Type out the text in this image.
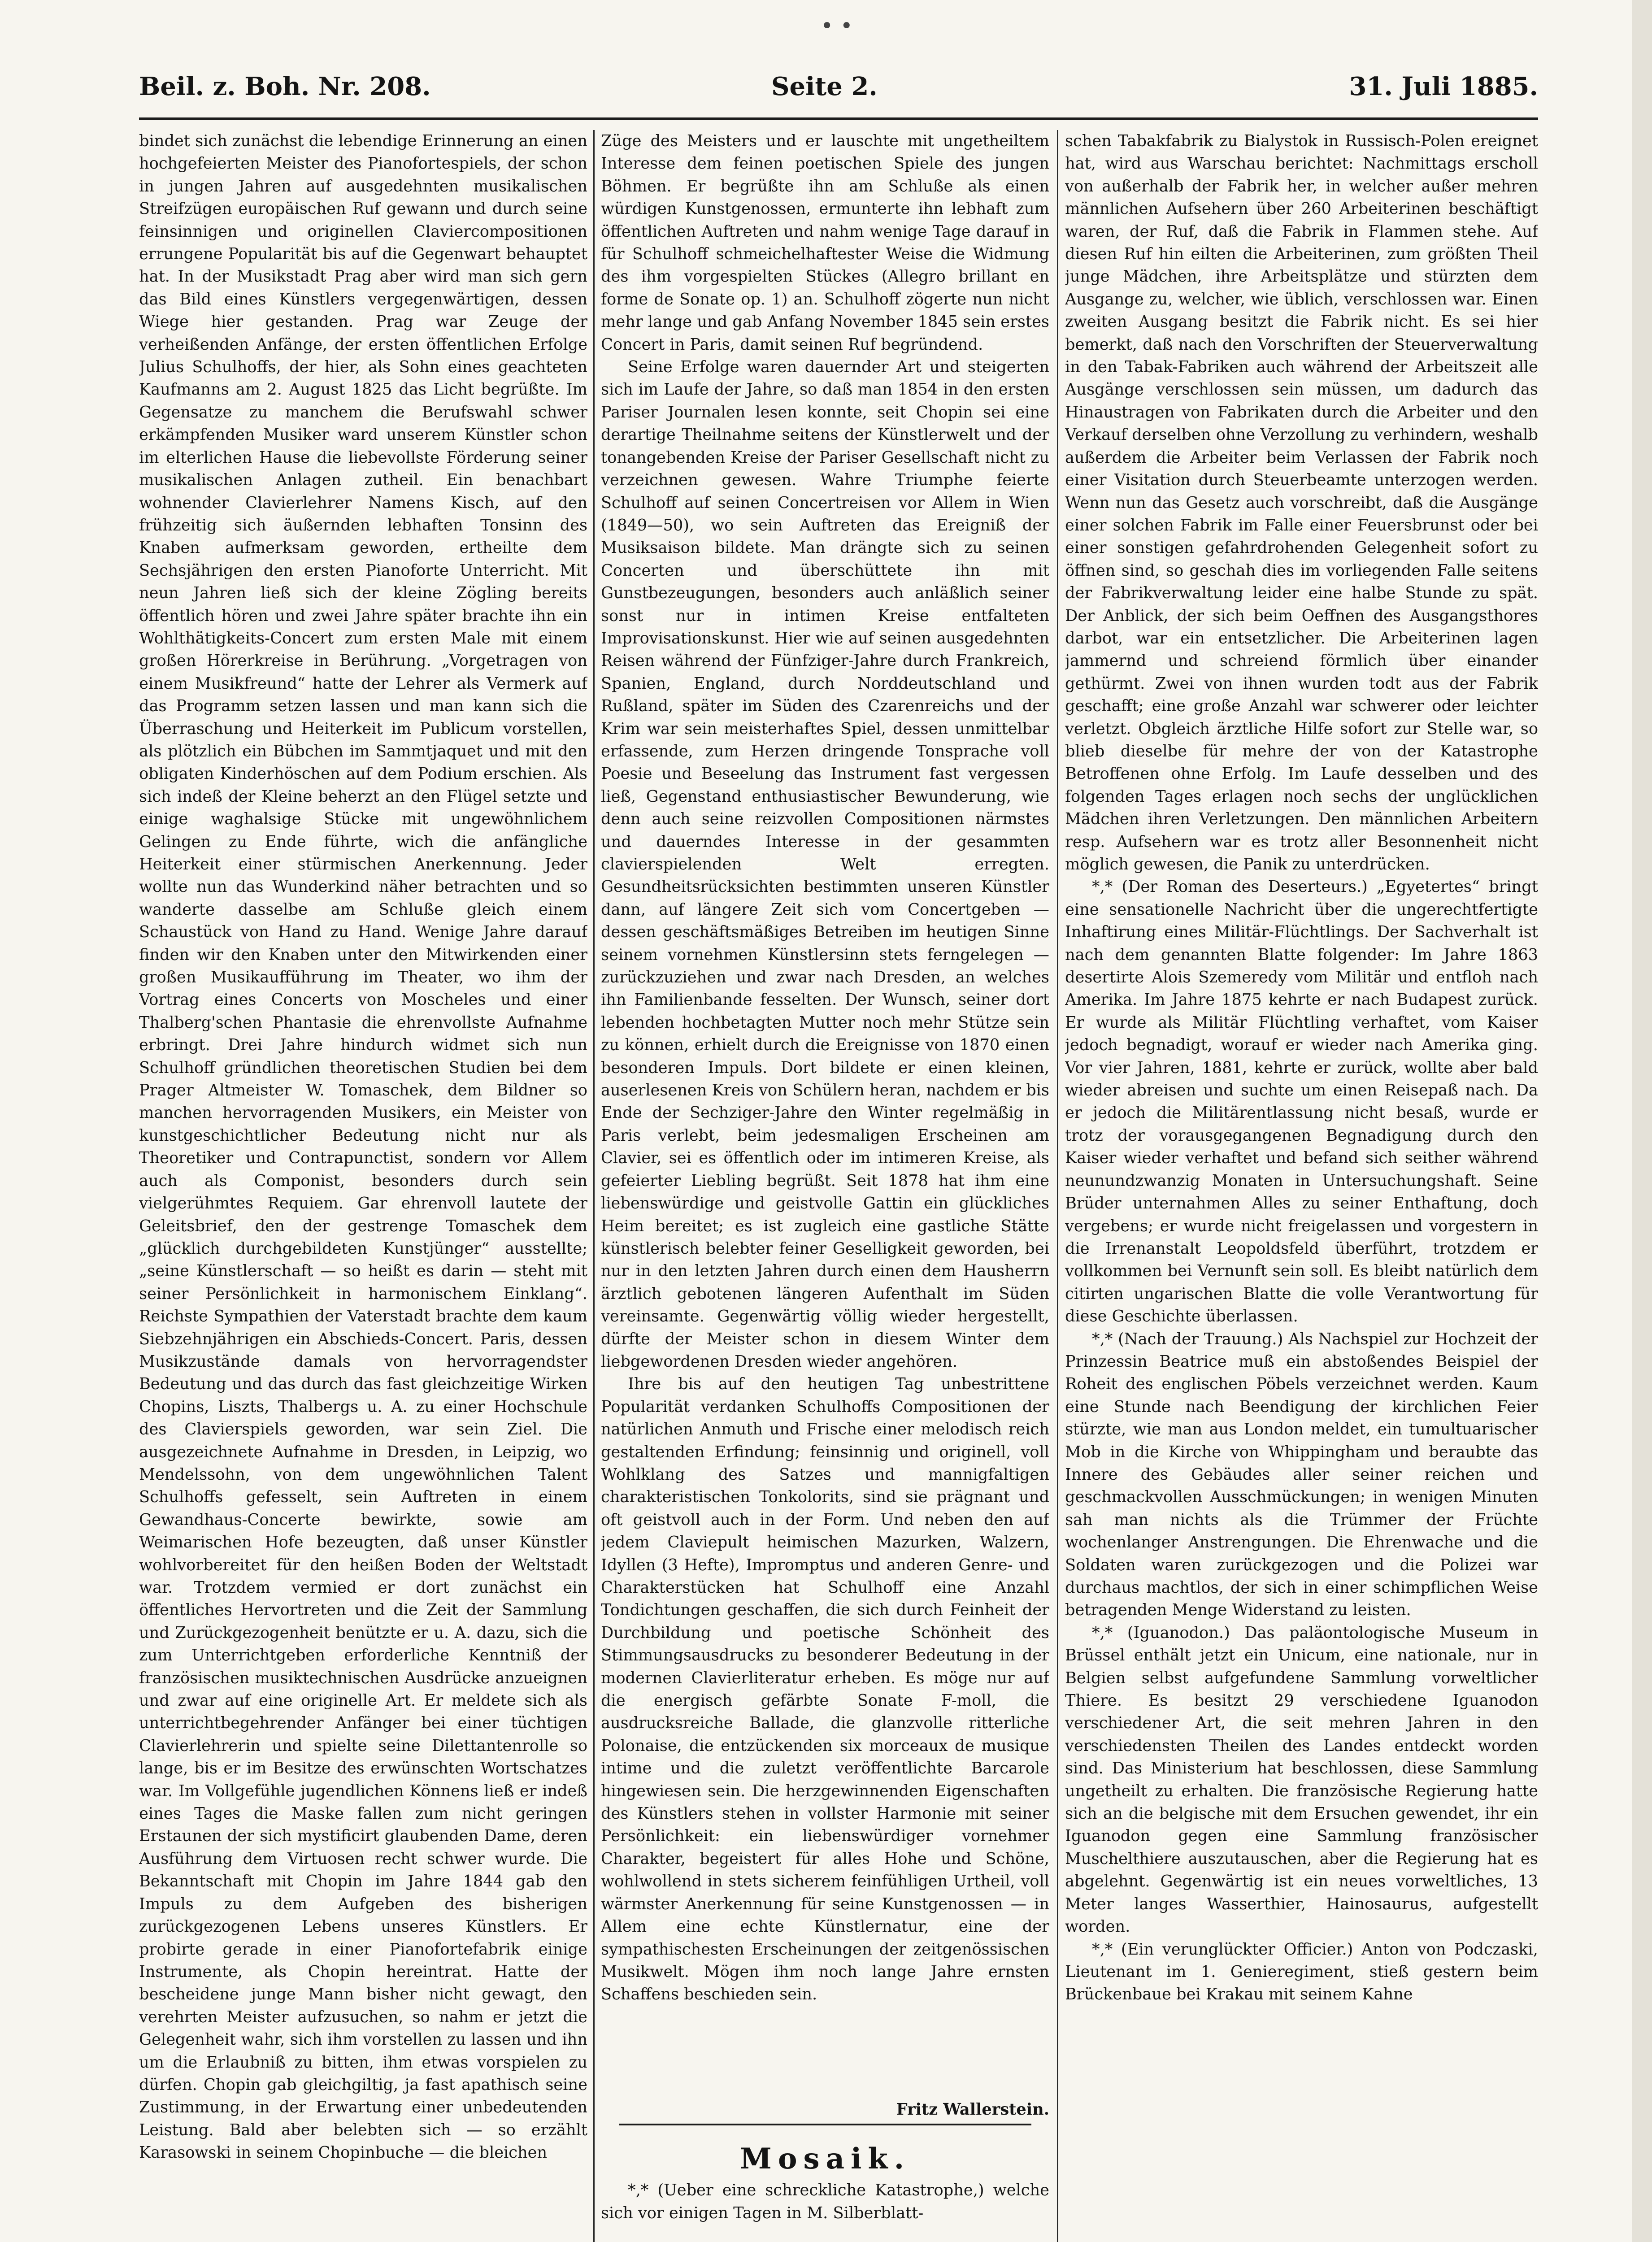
• •
Beil. z. Boh. Nr. 208.	Seite 2.	31. Juli 1885.

bindet sich zunächst die lebendige Erinnerung an einen hochgefeierten Meister des Pianofortespiels, der schon in jungen Jahren auf ausgedehnten musikalischen Streifzügen europäischen Ruf gewann und durch seine feinsinnigen und originellen Claviercompositionen errungene Popularität bis auf die Gegenwart behauptet hat. In der Musikstadt Prag aber wird man sich gern das Bild eines Künstlers vergegenwärtigen, dessen Wiege hier gestanden. Prag war Zeuge der verheißenden Anfänge, der ersten öffentlichen Erfolge Julius Schulhoffs, der hier, als Sohn eines geachteten Kaufmanns am 2. August 1825 das Licht begrüßte. Im Gegensatze zu manchem die Berufswahl schwer erkämpfenden Musiker ward unserem Künstler schon im elterlichen Hause die liebevollste Förderung seiner musikalischen Anlagen zutheil. Ein benachbart wohnender Clavierlehrer Namens Kisch, auf den frühzeitig sich äußernden lebhaften Tonsinn des Knaben aufmerksam geworden, ertheilte dem Sechsjährigen den ersten Pianoforte Unterricht. Mit neun Jahren ließ sich der kleine Zögling bereits öffentlich hören und zwei Jahre später brachte ihn ein Wohlthätigkeits-Concert zum ersten Male mit einem großen Hörerkreise in Berührung. „Vorgetragen von einem Musikfreund“ hatte der Lehrer als Vermerk auf das Programm setzen lassen und man kann sich die Überraschung und Heiterkeit im Publicum vorstellen, als plötzlich ein Bübchen im Sammtjaquet und mit den obligaten Kinderhöschen auf dem Podium erschien. Als sich indeß der Kleine beherzt an den Flügel setzte und einige waghalsige Stücke mit ungewöhnlichem Gelingen zu Ende führte, wich die anfängliche Heiterkeit einer stürmischen Anerkennung. Jeder wollte nun das Wunderkind näher betrachten und so wanderte dasselbe am Schluße gleich einem Schaustück von Hand zu Hand. Wenige Jahre darauf finden wir den Knaben unter den Mitwirkenden einer großen Musikaufführung im Theater, wo ihm der Vortrag eines Concerts von Moscheles und einer Thalberg'schen Phantasie die ehrenvollste Aufnahme erbringt. Drei Jahre hindurch widmet sich nun Schulhoff gründlichen theoretischen Studien bei dem Prager Altmeister W. Tomaschek, dem Bildner so manchen hervorragenden Musikers, ein Meister von kunstgeschichtlicher Bedeutung nicht nur als Theoretiker und Contrapunctist, sondern vor Allem auch als Componist, besonders durch sein vielgerühmtes Requiem. Gar ehrenvoll lautete der Geleitsbrief, den der gestrenge Tomaschek dem „glücklich durchgebildeten Kunstjünger“ ausstellte; „seine Künstlerschaft — so heißt es darin — steht mit seiner Persönlichkeit in harmonischem Einklang“. Reichste Sympathien der Vaterstadt brachte dem kaum Siebzehnjährigen ein Abschieds-Concert. Paris, dessen Musikzustände damals von hervorragendster Bedeutung und das durch das fast gleichzeitige Wirken Chopins, Liszts, Thalbergs u. A. zu einer Hochschule des Clavierspiels geworden, war sein Ziel. Die ausgezeichnete Aufnahme in Dresden, in Leipzig, wo Mendelssohn, von dem ungewöhnlichen Talent Schulhoffs gefesselt, sein Auftreten in einem Gewandhaus-Concerte bewirkte, sowie am Weimarischen Hofe bezeugten, daß unser Künstler wohlvorbereitet für den heißen Boden der Weltstadt war. Trotzdem vermied er dort zunächst ein öffentliches Hervortreten und die Zeit der Sammlung und Zurückgezogenheit benützte er u. A. dazu, sich die zum Unterrichtgeben erforderliche Kenntniß der französischen musiktechnischen Ausdrücke anzueignen und zwar auf eine originelle Art. Er meldete sich als unterrichtbegehrender Anfänger bei einer tüchtigen Clavierlehrerin und spielte seine Dilettantenrolle so lange, bis er im Besitze des erwünschten Wortschatzes war. Im Vollgefühle jugendlichen Könnens ließ er indeß eines Tages die Maske fallen zum nicht geringen Erstaunen der sich mystificirt glaubenden Dame, deren Ausführung dem Virtuosen recht schwer wurde. Die Bekanntschaft mit Chopin im Jahre 1844 gab den Impuls zu dem Aufgeben des bisherigen zurückgezogenen Lebens unseres Künstlers. Er probirte gerade in einer Pianofortefabrik einige Instrumente, als Chopin hereintrat. Hatte der bescheidene junge Mann bisher nicht gewagt, den verehrten Meister aufzusuchen, so nahm er jetzt die Gelegenheit wahr, sich ihm vorstellen zu lassen und ihn um die Erlaubniß zu bitten, ihm etwas vorspielen zu dürfen. Chopin gab gleichgiltig, ja fast apathisch seine Zustimmung, in der Erwartung einer unbedeutenden Leistung. Bald aber belebten sich — so erzählt Karasowski in seinem Chopinbuche — die bleichen

Züge des Meisters und er lauschte mit ungetheiltem Interesse dem feinen poetischen Spiele des jungen Böhmen. Er begrüßte ihn am Schluße als einen würdigen Kunstgenossen, ermunterte ihn lebhaft zum öffentlichen Auftreten und nahm wenige Tage darauf in für Schulhoff schmeichelhaftester Weise die Widmung des ihm vorgespielten Stückes (Allegro brillant en forme de Sonate op. 1) an. Schulhoff zögerte nun nicht mehr lange und gab Anfang November 1845 sein erstes Concert in Paris, damit seinen Ruf begründend.

Seine Erfolge waren dauernder Art und steigerten sich im Laufe der Jahre, so daß man 1854 in den ersten Pariser Journalen lesen konnte, seit Chopin sei eine derartige Theilnahme seitens der Künstlerwelt und der tonangebenden Kreise der Pariser Gesellschaft nicht zu verzeichnen gewesen. Wahre Triumphe feierte Schulhoff auf seinen Concertreisen vor Allem in Wien (1849—50), wo sein Auftreten das Ereigniß der Musiksaison bildete. Man drängte sich zu seinen Concerten und überschüttete ihn mit Gunstbezeugungen, besonders auch anläßlich seiner sonst nur in intimen Kreise entfalteten Improvisationskunst. Hier wie auf seinen ausgedehnten Reisen während der Fünfziger-Jahre durch Frankreich, Spanien, England, durch Norddeutschland und Rußland, später im Süden des Czarenreichs und der Krim war sein meisterhaftes Spiel, dessen unmittelbar erfassende, zum Herzen dringende Tonsprache voll Poesie und Beseelung das Instrument fast vergessen ließ, Gegenstand enthusiastischer Bewunderung, wie denn auch seine reizvollen Compositionen närmstes und dauerndes Interesse in der gesammten clavierspielenden Welt erregten. Gesundheitsrücksichten bestimmten unseren Künstler dann, auf längere Zeit sich vom Concertgeben — dessen geschäftsmäßiges Betreiben im heutigen Sinne seinem vornehmen Künstlersinn stets ferngelegen — zurückzuziehen und zwar nach Dresden, an welches ihn Familienbande fesselten. Der Wunsch, seiner dort lebenden hochbetagten Mutter noch mehr Stütze sein zu können, erhielt durch die Ereignisse von 1870 einen besonderen Impuls. Dort bildete er einen kleinen, auserlesenen Kreis von Schülern heran, nachdem er bis Ende der Sechziger-Jahre den Winter regelmäßig in Paris verlebt, beim jedesmaligen Erscheinen am Clavier, sei es öffentlich oder im intimeren Kreise, als gefeierter Liebling begrüßt. Seit 1878 hat ihm eine liebenswürdige und geistvolle Gattin ein glückliches Heim bereitet; es ist zugleich eine gastliche Stätte künstlerisch belebter feiner Geselligkeit geworden, bei nur in den letzten Jahren durch einen dem Hausherrn ärztlich gebotenen längeren Aufenthalt im Süden vereinsamte. Gegenwärtig völlig wieder hergestellt, dürfte der Meister schon in diesem Winter dem liebgewordenen Dresden wieder angehören.

Ihre bis auf den heutigen Tag unbestrittene Popularität verdanken Schulhoffs Compositionen der natürlichen Anmuth und Frische einer melodisch reich gestaltenden Erfindung; feinsinnig und originell, voll Wohlklang des Satzes und mannigfaltigen charakteristischen Tonkolorits, sind sie prägnant und oft geistvoll auch in der Form. Und neben den auf jedem Claviepult heimischen Mazurken, Walzern, Idyllen (3 Hefte), Impromptus und anderen Genre- und Charakterstücken hat Schulhoff eine Anzahl Tondichtungen geschaffen, die sich durch Feinheit der Durchbildung und poetische Schönheit des Stimmungsausdrucks zu besonderer Bedeutung in der modernen Clavierliteratur erheben. Es möge nur auf die energisch gefärbte Sonate F-moll, die ausdrucksreiche Ballade, die glanzvolle ritterliche Polonaise, die entzückenden six morceaux de musique intime und die zuletzt veröffentlichte Barcarole hingewiesen sein. Die herzgewinnenden Eigenschaften des Künstlers stehen in vollster Harmonie mit seiner Persönlichkeit: ein liebenswürdiger vornehmer Charakter, begeistert für alles Hohe und Schöne, wohlwollend in stets sicherem feinfühligen Urtheil, voll wärmster Anerkennung für seine Kunstgenossen — in Allem eine echte Künstlernatur, eine der sympathischesten Erscheinungen der zeitgenössischen Musikwelt. Mögen ihm noch lange Jahre ernsten Schaffens beschieden sein.

Fritz Wallerstein.
Mosaik.

*,* (Ueber eine schreckliche Katastrophe,) welche sich vor einigen Tagen in M. Silberblatt-

schen Tabakfabrik zu Bialystok in Russisch-Polen ereignet hat, wird aus Warschau berichtet: Nachmittags erscholl von außerhalb der Fabrik her, in welcher außer mehren männlichen Aufsehern über 260 Arbeiterinen beschäftigt waren, der Ruf, daß die Fabrik in Flammen stehe. Auf diesen Ruf hin eilten die Arbeiterinen, zum größten Theil junge Mädchen, ihre Arbeitsplätze und stürzten dem Ausgange zu, welcher, wie üblich, verschlossen war. Einen zweiten Ausgang besitzt die Fabrik nicht. Es sei hier bemerkt, daß nach den Vorschriften der Steuerverwaltung in den Tabak-Fabriken auch während der Arbeitszeit alle Ausgänge verschlossen sein müssen, um dadurch das Hinaustragen von Fabrikaten durch die Arbeiter und den Verkauf derselben ohne Verzollung zu verhindern, weshalb außerdem die Arbeiter beim Verlassen der Fabrik noch einer Visitation durch Steuerbeamte unterzogen werden. Wenn nun das Gesetz auch vorschreibt, daß die Ausgänge einer solchen Fabrik im Falle einer Feuersbrunst oder bei einer sonstigen gefahrdrohenden Gelegenheit sofort zu öffnen sind, so geschah dies im vorliegenden Falle seitens der Fabrikverwaltung leider eine halbe Stunde zu spät. Der Anblick, der sich beim Oeffnen des Ausgangsthores darbot, war ein entsetzlicher. Die Arbeiterinen lagen jammernd und schreiend förmlich über einander gethürmt. Zwei von ihnen wurden todt aus der Fabrik geschafft; eine große Anzahl war schwerer oder leichter verletzt. Obgleich ärztliche Hilfe sofort zur Stelle war, so blieb dieselbe für mehre der von der Katastrophe Betroffenen ohne Erfolg. Im Laufe desselben und des folgenden Tages erlagen noch sechs der unglücklichen Mädchen ihren Verletzungen. Den männlichen Arbeitern resp. Aufsehern war es trotz aller Besonnenheit nicht möglich gewesen, die Panik zu unterdrücken.

*,* (Der Roman des Deserteurs.) „Egyetertes“ bringt eine sensationelle Nachricht über die ungerechtfertigte Inhaftirung eines Militär-Flüchtlings. Der Sachverhalt ist nach dem genannten Blatte folgender: Im Jahre 1863 desertirte Alois Szemeredy vom Militär und entfloh nach Amerika. Im Jahre 1875 kehrte er nach Budapest zurück. Er wurde als Militär Flüchtling verhaftet, vom Kaiser jedoch begnadigt, worauf er wieder nach Amerika ging. Vor vier Jahren, 1881, kehrte er zurück, wollte aber bald wieder abreisen und suchte um einen Reisepaß nach. Da er jedoch die Militärentlassung nicht besaß, wurde er trotz der vorausgegangenen Begnadigung durch den Kaiser wieder verhaftet und befand sich seither während neunundzwanzig Monaten in Untersuchungshaft. Seine Brüder unternahmen Alles zu seiner Enthaftung, doch vergebens; er wurde nicht freigelassen und vorgestern in die Irrenanstalt Leopoldsfeld überführt, trotzdem er vollkommen bei Vernunft sein soll. Es bleibt natürlich dem citirten ungarischen Blatte die volle Verantwortung für diese Geschichte überlassen.

*,* (Nach der Trauung.) Als Nachspiel zur Hochzeit der Prinzessin Beatrice muß ein abstoßendes Beispiel der Roheit des englischen Pöbels verzeichnet werden. Kaum eine Stunde nach Beendigung der kirchlichen Feier stürzte, wie man aus London meldet, ein tumultuarischer Mob in die Kirche von Whippingham und beraubte das Innere des Gebäudes aller seiner reichen und geschmackvollen Ausschmückungen; in wenigen Minuten sah man nichts als die Trümmer der Früchte wochenlanger Anstrengungen. Die Ehrenwache und die Soldaten waren zurückgezogen und die Polizei war durchaus machtlos, der sich in einer schimpflichen Weise betragenden Menge Widerstand zu leisten.

*,* (Iguanodon.) Das paläontologische Museum in Brüssel enthält jetzt ein Unicum, eine nationale, nur in Belgien selbst aufgefundene Sammlung vorweltlicher Thiere. Es besitzt 29 verschiedene Iguanodon verschiedener Art, die seit mehren Jahren in den verschiedensten Theilen des Landes entdeckt worden sind. Das Ministerium hat beschlossen, diese Sammlung ungetheilt zu erhalten. Die französische Regierung hatte sich an die belgische mit dem Ersuchen gewendet, ihr ein Iguanodon gegen eine Sammlung französischer Muschelthiere auszutauschen, aber die Regierung hat es abgelehnt. Gegenwärtig ist ein neues vorweltliches, 13 Meter langes Wasserthier, Hainosaurus, aufgestellt worden.

*,* (Ein verunglückter Officier.) Anton von Podczaski, Lieutenant im 1. Genieregiment, stieß gestern beim Brückenbaue bei Krakau mit seinem Kahne
